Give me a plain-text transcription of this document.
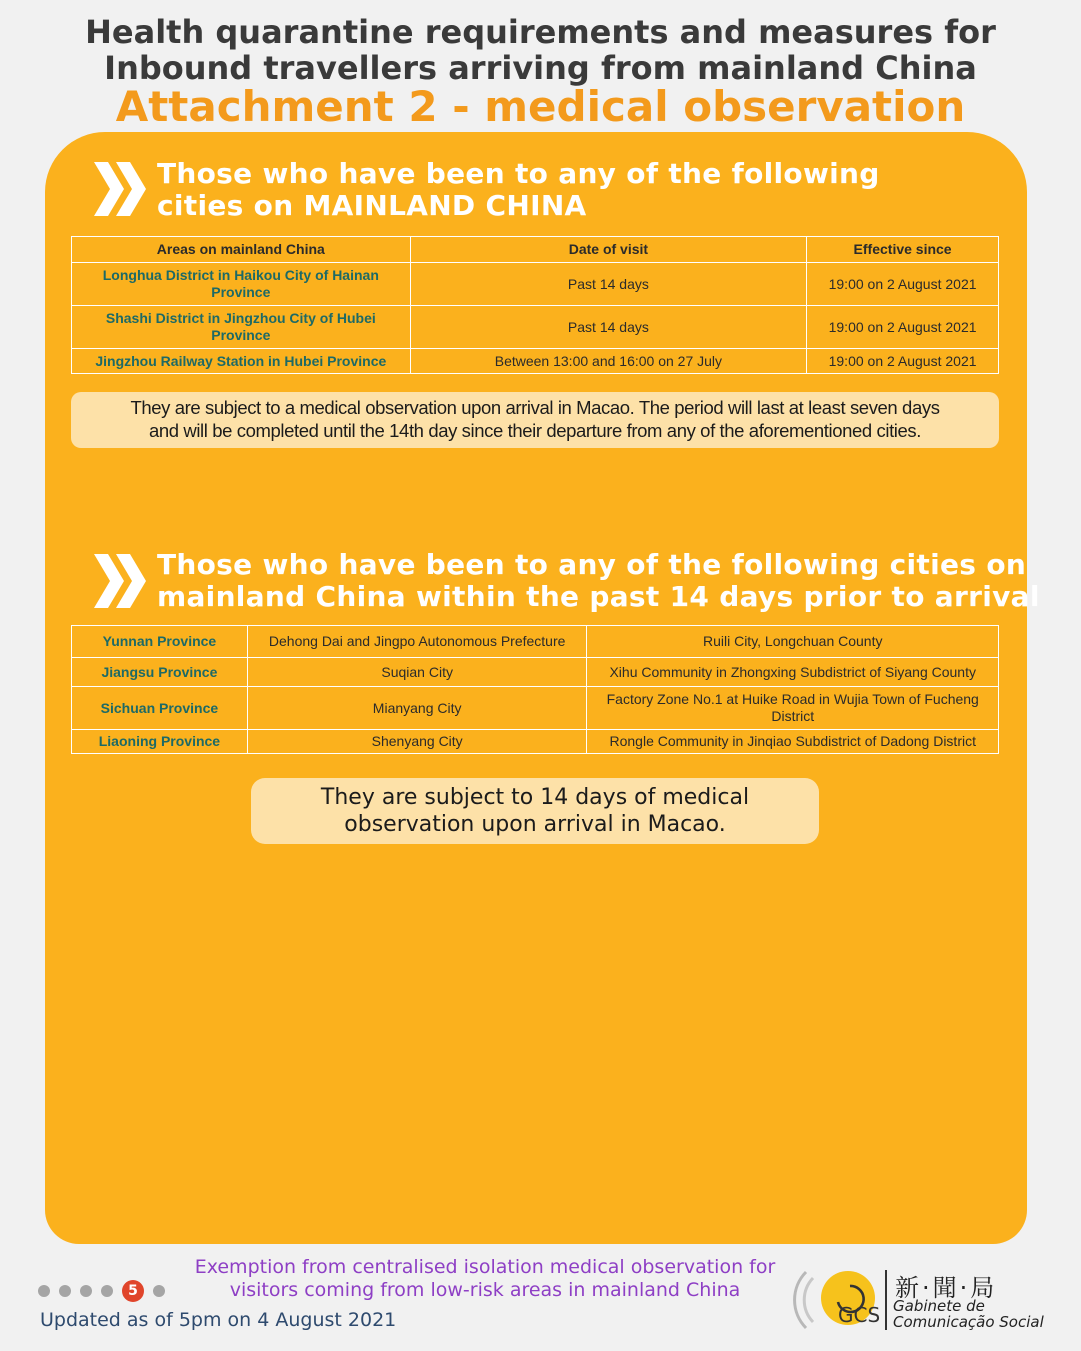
Health quarantine requirements and measures for
Inbound travellers arriving from mainland China
Attachment 2 - medical observation
Those who have been to any of the following
cities on MAINLAND CHINA
Areas on mainland China	Date of visit	Effective since
Longhua District in Haikou City of Hainan Province	Past 14 days	19:00 on 2 August 2021
Shashi District in Jingzhou City of Hubei Province	Past 14 days	19:00 on 2 August 2021
Jingzhou Railway Station in Hubei Province	Between 13:00 and 16:00 on 27 July	19:00 on 2 August 2021
They are subject to a medical observation upon arrival in Macao. The period will last at least seven days
and will be completed until the 14th day since their departure from any of the aforementioned cities.
Those who have been to any of the following cities on
mainland China within the past 14 days prior to arrival
Yunnan Province	Dehong Dai and Jingpo Autonomous Prefecture	Ruili City, Longchuan County
Jiangsu Province	Suqian City	Xihu Community in Zhongxing Subdistrict of Siyang County
Sichuan Province	Mianyang City	Factory Zone No.1 at Huike Road in Wujia Town of Fucheng District
Liaoning Province	Shenyang City	Rongle Community in Jinqiao Subdistrict of Dadong District
They are subject to 14 days of medical
observation upon arrival in Macao.
Exemption from centralised isolation medical observation for
visitors coming from low-risk areas in mainland China
5
Updated as of 5pm on 4 August 2021	GCS
新·聞·局
Gabinete de
Comunicação Social
